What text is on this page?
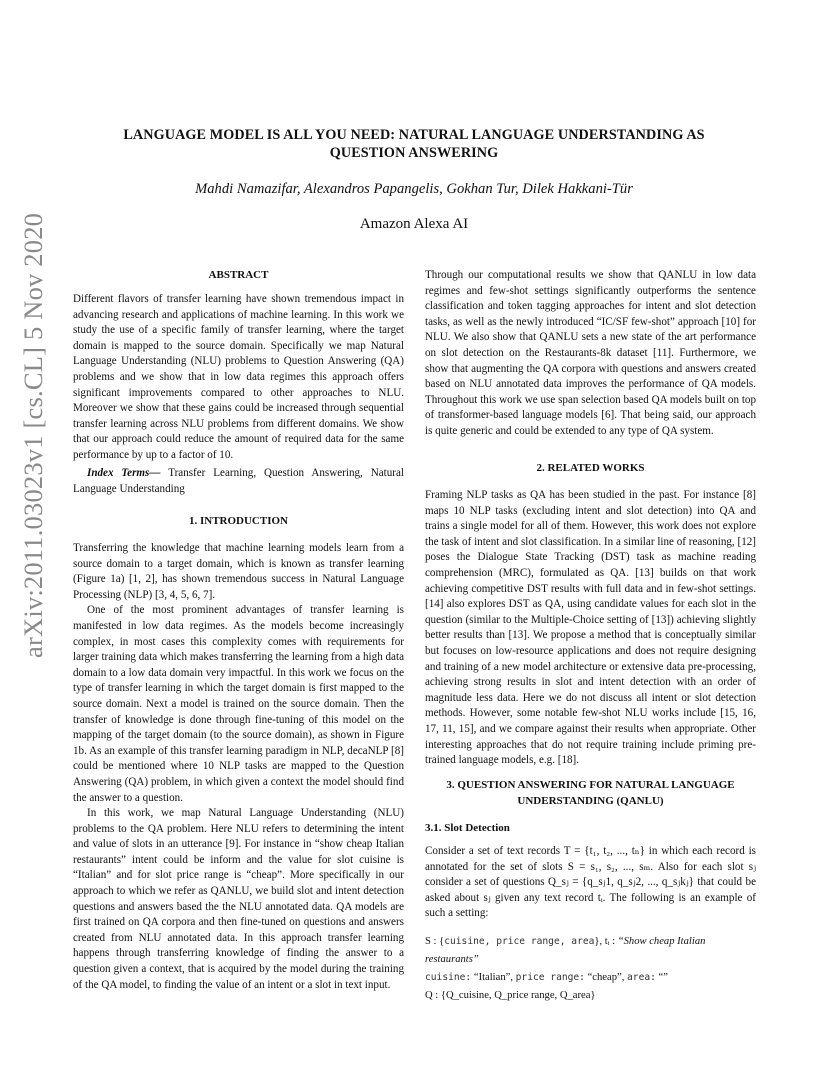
arXiv:2011.03023v1 [cs.CL] 5 Nov 2020
LANGUAGE MODEL IS ALL YOU NEED: NATURAL LANGUAGE UNDERSTANDING AS
QUESTION ANSWERING
Mahdi Namazifar, Alexandros Papangelis, Gokhan Tur, Dilek Hakkani-Tür
Amazon Alexa AI
ABSTRACT

Different flavors of transfer learning have shown tremendous impact in advancing research and applications of machine learning. In this work we study the use of a specific family of transfer learning, where the target domain is mapped to the source domain. Specifically we map Natural Language Understanding (NLU) problems to Question Answering (QA) problems and we show that in low data regimes this approach offers significant improvements compared to other approaches to NLU. Moreover we show that these gains could be increased through sequential transfer learning across NLU problems from different domains. We show that our approach could reduce the amount of required data for the same performance by up to a factor of 10.

Index Terms— Transfer Learning, Question Answering, Natural Language Understanding

1. INTRODUCTION

Transferring the knowledge that machine learning models learn from a source domain to a target domain, which is known as transfer learning (Figure 1a) [1, 2], has shown tremendous success in Natural Language Processing (NLP) [3, 4, 5, 6, 7].

One of the most prominent advantages of transfer learning is manifested in low data regimes. As the models become increasingly complex, in most cases this complexity comes with requirements for larger training data which makes transferring the learning from a high data domain to a low data domain very impactful. In this work we focus on the type of transfer learning in which the target domain is first mapped to the source domain. Next a model is trained on the source domain. Then the transfer of knowledge is done through fine-tuning of this model on the mapping of the target domain (to the source domain), as shown in Figure 1b. As an example of this transfer learning paradigm in NLP, decaNLP [8] could be mentioned where 10 NLP tasks are mapped to the Question Answering (QA) problem, in which given a context the model should find the answer to a question.

In this work, we map Natural Language Understanding (NLU) problems to the QA problem. Here NLU refers to determining the intent and value of slots in an utterance [9]. For instance in “show cheap Italian restaurants” intent could be inform and the value for slot cuisine is “Italian” and for slot price range is “cheap”. More specifically in our approach to which we refer as QANLU, we build slot and intent detection questions and answers based the the NLU annotated data. QA models are first trained on QA corpora and then fine-tuned on questions and answers created from NLU annotated data. In this approach transfer learning happens through transferring knowledge of finding the answer to a question given a context, that is acquired by the model during the training of the QA model, to finding the value of an intent or a slot in text input.

Through our computational results we show that QANLU in low data regimes and few-shot settings significantly outperforms the sentence classification and token tagging approaches for intent and slot detection tasks, as well as the newly introduced “IC/SF few-shot” approach [10] for NLU. We also show that QANLU sets a new state of the art performance on slot detection on the Restaurants-8k dataset [11]. Furthermore, we show that augmenting the QA corpora with questions and answers created based on NLU annotated data improves the performance of QA models. Throughout this work we use span selection based QA models built on top of transformer-based language models [6]. That being said, our approach is quite generic and could be extended to any type of QA system.

2. RELATED WORKS

Framing NLP tasks as QA has been studied in the past. For instance [8] maps 10 NLP tasks (excluding intent and slot detection) into QA and trains a single model for all of them. However, this work does not explore the task of intent and slot classification. In a similar line of reasoning, [12] poses the Dialogue State Tracking (DST) task as machine reading comprehension (MRC), formulated as QA. [13] builds on that work achieving competitive DST results with full data and in few-shot settings. [14] also explores DST as QA, using candidate values for each slot in the question (similar to the Multiple-Choice setting of [13]) achieving slightly better results than [13]. We propose a method that is conceptually similar but focuses on low-resource applications and does not require designing and training of a new model architecture or extensive data pre-processing, achieving strong results in slot and intent detection with an order of magnitude less data. Here we do not discuss all intent or slot detection methods. However, some notable few-shot NLU works include [15, 16, 17, 11, 15], and we compare against their results when appropriate. Other interesting approaches that do not require training include priming pre-trained language models, e.g. [18].

3. QUESTION ANSWERING FOR NATURAL LANGUAGE
UNDERSTANDING (QANLU)
3.1. Slot Detection

Consider a set of text records T = {t₁, t₂, ..., tₙ} in which each record is annotated for the set of slots S = s₁, s₂, ..., sₘ. Also for each slot sⱼ consider a set of questions Q_sⱼ = {q_sⱼ1, q_sⱼ2, ..., q_sⱼkⱼ} that could be asked about sⱼ given any text record tᵢ. The following is an example of such a setting:

S : {cuisine, price range, area}, tᵢ : “Show cheap Italian restaurants”
cuisine: “Italian”, price range: “cheap”, area: “”
Q : {Q_cuisine, Q_price range, Q_area}
